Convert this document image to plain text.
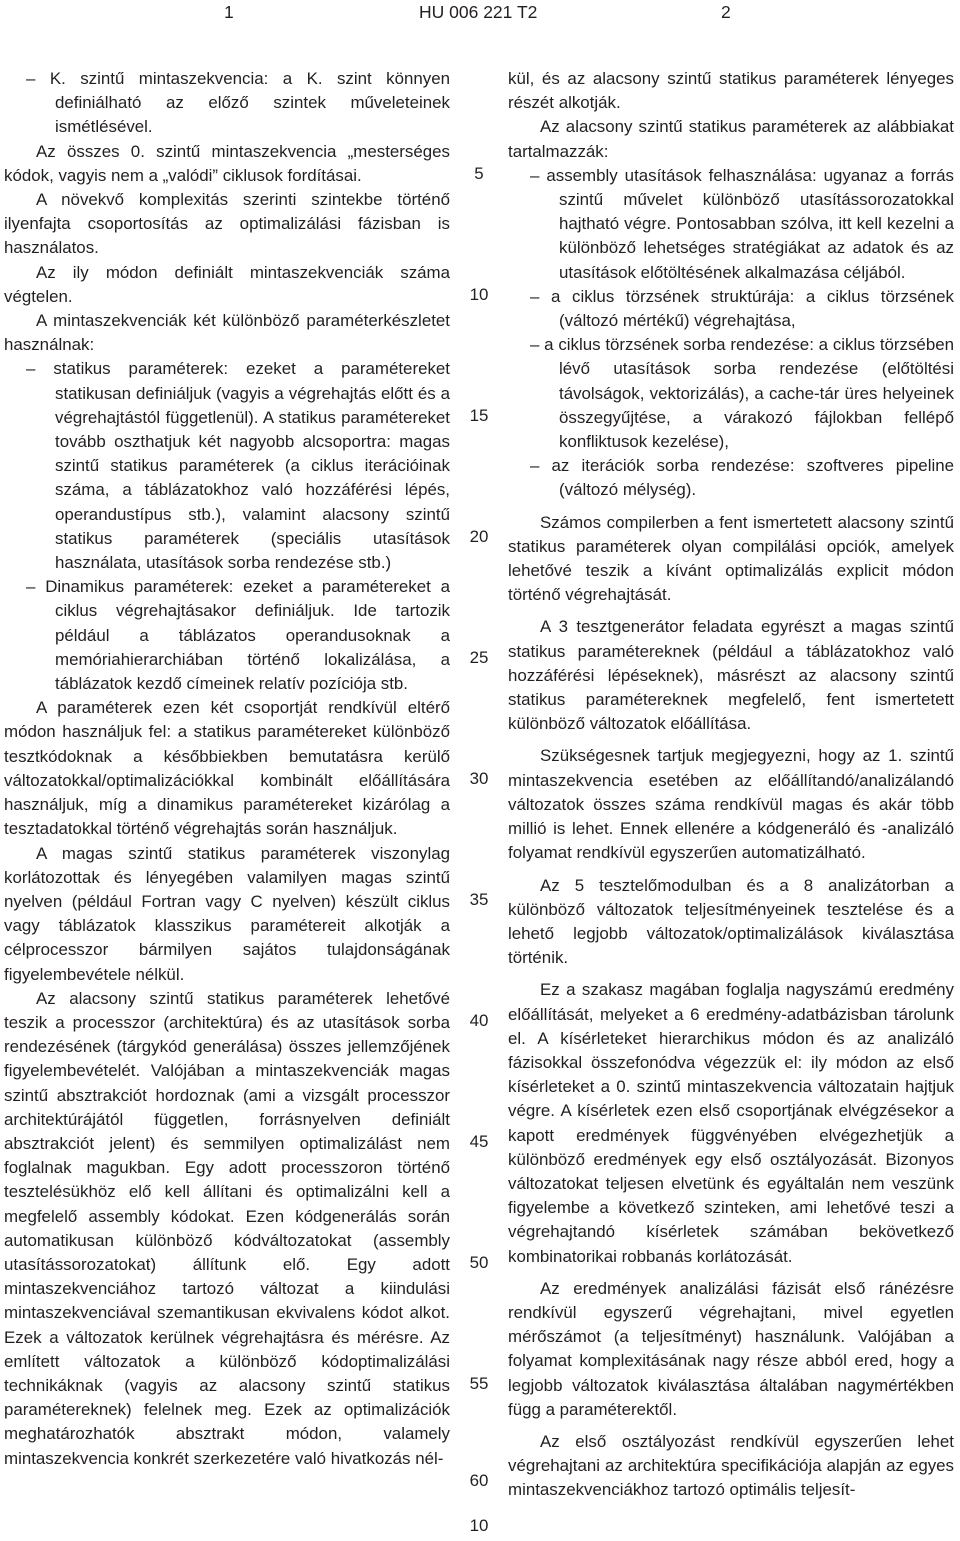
1	HU 006 221 T2	2

– K. szintű mintaszekvencia: a K. szint könnyen definiálható az előző szintek műveleteinek ismétlésével.

Az összes 0. szintű mintaszekvencia „mesterséges kódok, vagyis nem a „valódi” ciklusok fordításai.

A növekvő komplexitás szerinti szintekbe történő ilyenfajta csoportosítás az optimalizálási fázisban is használatos.

Az ily módon definiált mintaszekvenciák száma végtelen.

A mintaszekvenciák két különböző paraméterkészletet használnak:

– statikus paraméterek: ezeket a paramétereket statikusan definiáljuk (vagyis a végrehajtás előtt és a végrehajtástól függetlenül). A statikus paramétereket tovább oszthatjuk két nagyobb alcsoportra: magas szintű statikus paraméterek (a ciklus iterációinak száma, a táblázatokhoz való hozzáférési lépés, operandustípus stb.), valamint alacsony szintű statikus paraméterek (speciális utasítások használata, utasítások sorba rendezése stb.)

– Dinamikus paraméterek: ezeket a paramétereket a ciklus végrehajtásakor definiáljuk. Ide tartozik például a táblázatos operandusoknak a memóriahierarchiában történő lokalizálása, a táblázatok kezdő címeinek relatív pozíciója stb.

A paraméterek ezen két csoportját rendkívül eltérő módon használjuk fel: a statikus paramétereket különböző tesztkódoknak a későbbiekben bemutatásra kerülő változatokkal/optimalizációkkal kombinált előállítására használjuk, míg a dinamikus paramétereket kizárólag a tesztadatokkal történő végrehajtás során használjuk.

A magas szintű statikus paraméterek viszonylag korlátozottak és lényegében valamilyen magas szintű nyelven (például Fortran vagy C nyelven) készült ciklus vagy táblázatok klasszikus paramétereit alkotják a célprocesszor bármilyen sajátos tulajdonságának figyelembevétele nélkül.

Az alacsony szintű statikus paraméterek lehetővé teszik a processzor (architektúra) és az utasítások sorba rendezésének (tárgykód generálása) összes jellemzőjének figyelembevételét. Valójában a mintaszekvenciák magas szintű absztrakciót hordoznak (ami a vizsgált processzor architektúrájától független, forrásnyelven definiált absztrakciót jelent) és semmilyen optimalizálást nem foglalnak magukban. Egy adott processzoron történő tesztelésükhöz elő kell állítani és optimalizálni kell a megfelelő assembly kódokat. Ezen kódgenerálás során automatikusan különböző kódváltozatokat (assembly utasítássorozatokat) állítunk elő. Egy adott mintaszekvenciához tartozó változat a kiindulási mintaszekvenciával szemantikusan ekvivalens kódot alkot. Ezek a változatok kerülnek végrehajtásra és mérésre. Az említett változatok a különböző kódoptimalizálási technikáknak (vagyis az alacsony szintű statikus paramétereknek) felelnek meg. Ezek az optimalizációk meghatározhatók absztrakt módon, valamely mintaszekvencia konkrét szerkezetére való hivatkozás nél-

kül, és az alacsony szintű statikus paraméterek lényeges részét alkotják.

Az alacsony szintű statikus paraméterek az alábbiakat tartalmazzák:

– assembly utasítások felhasználása: ugyanaz a forrás szintű művelet különböző utasítássorozatokkal hajtható végre. Pontosabban szólva, itt kell kezelni a különböző lehetséges stratégiákat az adatok és az utasítások előtöltésének alkalmazása céljából.

– a ciklus törzsének struktúrája: a ciklus törzsének (változó mértékű) végrehajtása,

– a ciklus törzsének sorba rendezése: a ciklus törzsében lévő utasítások sorba rendezése (előtöltési távolságok, vektorizálás), a cache-tár üres helyeinek összegyűjtése, a várakozó fájlokban fellépő konfliktusok kezelése),

– az iterációk sorba rendezése: szoftveres pipeline (változó mélység).

Számos compilerben a fent ismertetett alacsony szintű statikus paraméterek olyan compilálási opciók, amelyek lehetővé teszik a kívánt optimalizálás explicit módon történő végrehajtását.

A 3 tesztgenerátor feladata egyrészt a magas szintű statikus paramétereknek (például a táblázatokhoz való hozzáférési lépéseknek), másrészt az alacsony szintű statikus paramétereknek megfelelő, fent ismertetett különböző változatok előállítása.

Szükségesnek tartjuk megjegyezni, hogy az 1. szintű mintaszekvencia esetében az előállítandó/analizálandó változatok összes száma rendkívül magas és akár több millió is lehet. Ennek ellenére a kódgeneráló és -analizáló folyamat rendkívül egyszerűen automatizálható.

Az 5 tesztelőmodulban és a 8 analizátorban a különböző változatok teljesítményeinek tesztelése és a lehető legjobb változatok/optimalizálások kiválasztása történik.

Ez a szakasz magában foglalja nagyszámú eredmény előállítását, melyeket a 6 eredmény-adatbázisban tárolunk el. A kísérleteket hierarchikus módon és az analizáló fázisokkal összefonódva végezzük el: ily módon az első kísérleteket a 0. szintű mintaszekvencia változatain hajtjuk végre. A kísérletek ezen első csoportjának elvégzésekor a kapott eredmények függvényében elvégezhetjük a különböző eredmények egy első osztályozását. Bizonyos változatokat teljesen elvetünk és egyáltalán nem veszünk figyelembe a következő szinteken, ami lehetővé teszi a végrehajtandó kísérletek számában bekövetkező kombinatorikai robbanás korlátozását.

Az eredmények analizálási fázisát első ránézésre rendkívül egyszerű végrehajtani, mivel egyetlen mérőszámot (a teljesítményt) használunk. Valójában a folyamat komplexitásának nagy része abból ered, hogy a legjobb változatok kiválasztása általában nagymértékben függ a paraméterektől.

Az első osztályozást rendkívül egyszerűen lehet végrehajtani az architektúra specifikációja alapján az egyes mintaszekvenciákhoz tartozó optimális teljesít-

5
10
15
20
25
30
35
40
45
50
55
60
10
